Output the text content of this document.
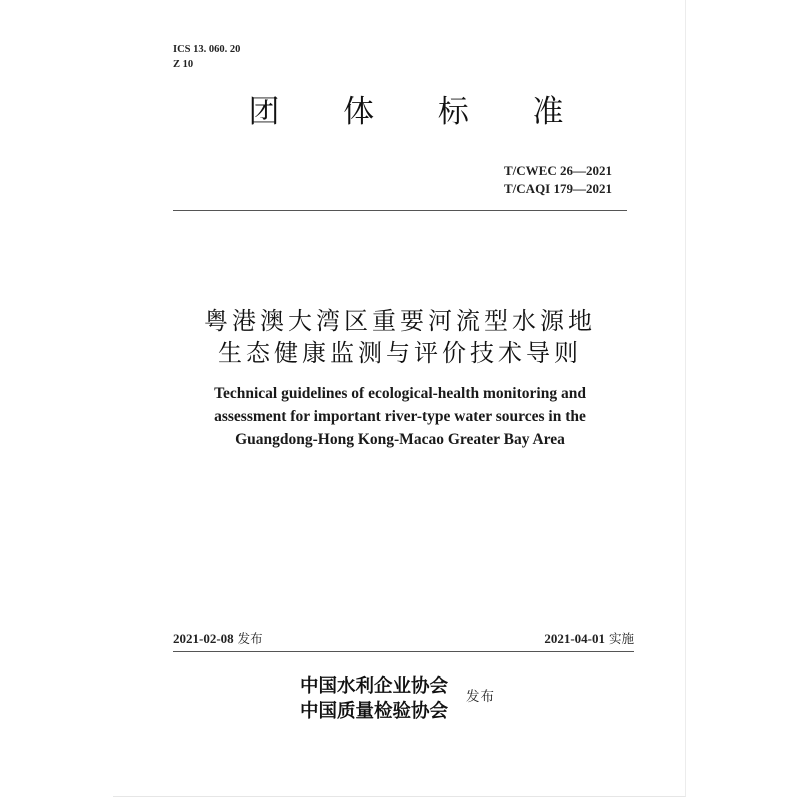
ICS 13. 060. 20
Z 10
团 体 标 准
T/CWEC 26—2021
T/CAQI 179—2021
粤港澳大湾区重要河流型水源地
生态健康监测与评价技术导则
Technical guidelines of ecological-health monitoring and
assessment for important river-type water sources in the
Guangdong-Hong Kong-Macao Greater Bay Area
2021-02-08 发布	2021-04-01 实施
中国水利企业协会
中国质量检验协会
发布
